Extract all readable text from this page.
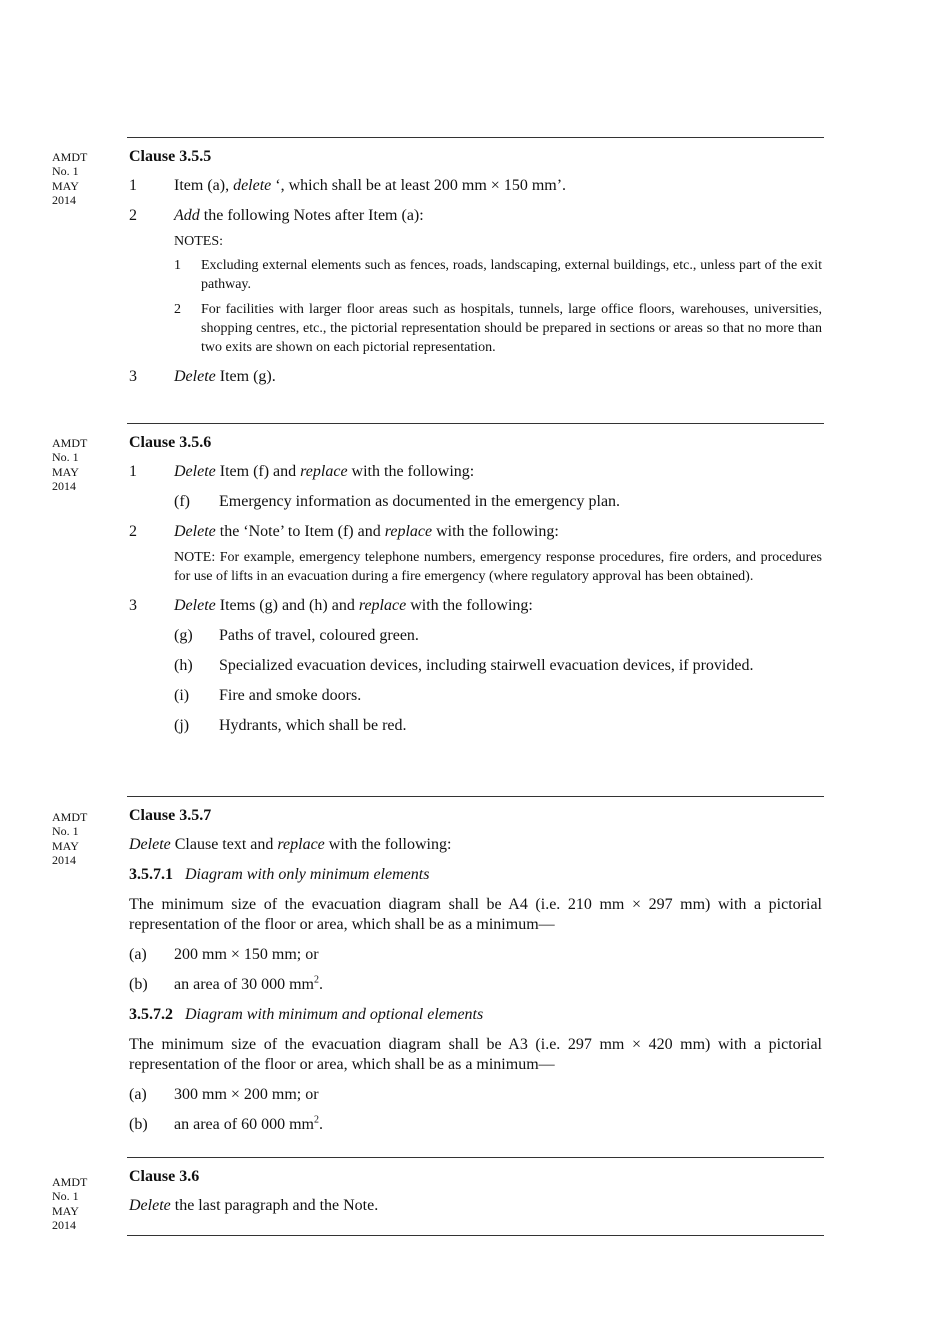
AMDT
No. 1
MAY
2014
AMDT
No. 1
MAY
2014
AMDT
No. 1
MAY
2014
AMDT
No. 1
MAY
2014
Clause 3.5.5
1 Item (a), delete ‘, which shall be at least 200 mm × 150 mm’.
2 Add the following Notes after Item (a):
NOTES:
1 Excluding external elements such as fences, roads, landscaping, external buildings, etc., unless part of the exit pathway.
2 For facilities with larger floor areas such as hospitals, tunnels, large office floors, warehouses, universities, shopping centres, etc., the pictorial representation should be prepared in sections or areas so that no more than two exits are shown on each pictorial representation.
3 Delete Item (g).
Clause 3.5.6
1 Delete Item (f) and replace with the following:
(f) Emergency information as documented in the emergency plan.
2 Delete the ‘Note’ to Item (f) and replace with the following:
NOTE: For example, emergency telephone numbers, emergency response procedures, fire orders, and procedures for use of lifts in an evacuation during a fire emergency (where regulatory approval has been obtained).
3 Delete Items (g) and (h) and replace with the following:
(g) Paths of travel, coloured green.
(h) Specialized evacuation devices, including stairwell evacuation devices, if provided.
(i) Fire and smoke doors.
(j) Hydrants, which shall be red.
Clause 3.5.7
Delete Clause text and replace with the following:
3.5.7.1 Diagram with only minimum elements
The minimum size of the evacuation diagram shall be A4 (i.e. 210 mm × 297 mm) with a pictorial representation of the floor or area, which shall be as a minimum—
(a) 200 mm × 150 mm; or
(b) an area of 30 000 $mm^2$.
3.5.7.2 Diagram with minimum and optional elements
The minimum size of the evacuation diagram shall be A3 (i.e. 297 mm × 420 mm) with a pictorial representation of the floor or area, which shall be as a minimum—
(a) 300 mm × 200 mm; or
(b) an area of 60 000 $mm^2$.
Clause 3.6
Delete the last paragraph and the Note.
